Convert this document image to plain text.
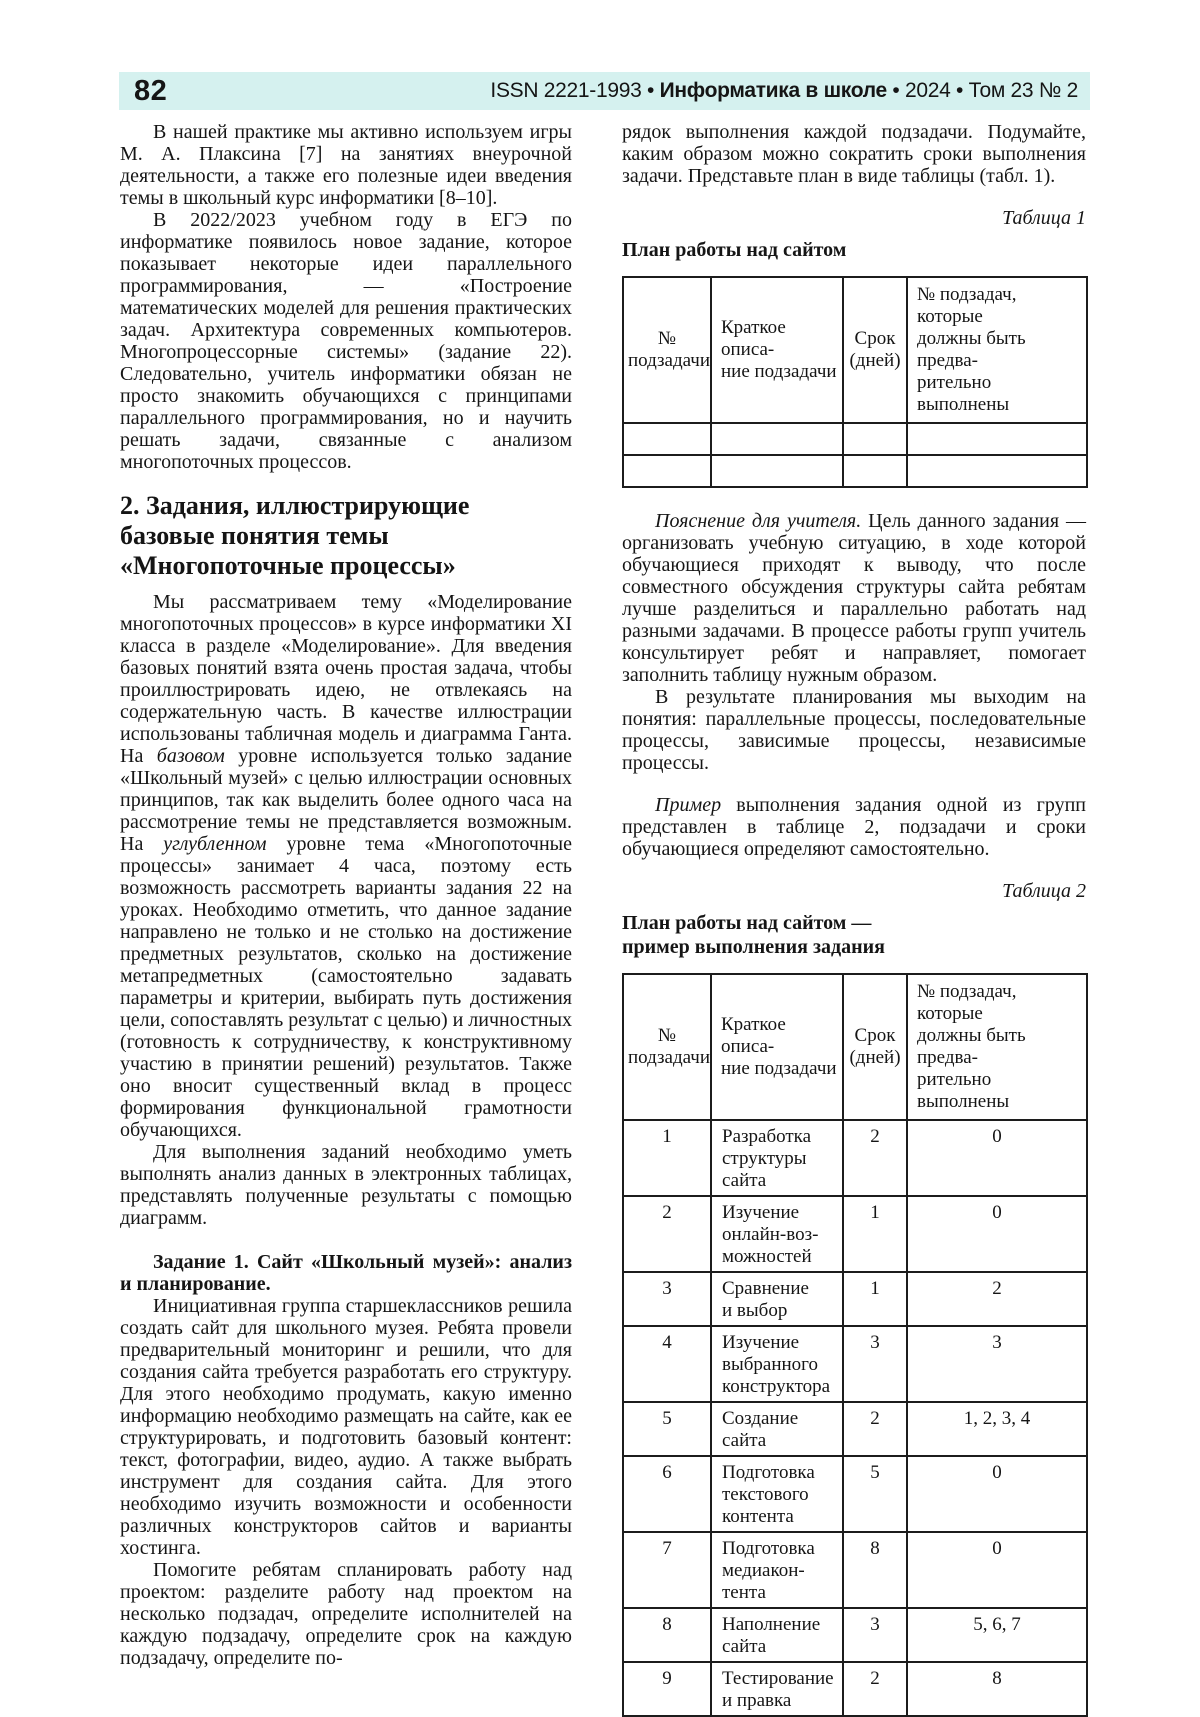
82	ISSN 2221-1993 • Информатика в школе • 2024 • Том 23 № 2

В нашей практике мы активно используем игры М. А. Плаксина [7] на занятиях внеурочной деятельности, а также его полезные идеи введения темы в школьный курс информатики [8–10].

В 2022/2023 учебном году в ЕГЭ по информатике появилось новое задание, которое показывает некоторые идеи параллельного программирования, — «Построение математических моделей для решения практических задач. Архитектура современных компьютеров. Многопроцессорные системы» (задание 22). Следовательно, учитель информатики обязан не просто знакомить обучающихся с принципами параллельного программирования, но и научить решать задачи, связанные с анализом многопоточных процессов.

2. Задания, иллюстрирующие
базовые понятия темы
«Многопоточные процессы»

Мы рассматриваем тему «Моделирование многопоточных процессов» в курсе информатики XI класса в разделе «Моделирование». Для введения базовых понятий взята очень простая задача, чтобы проиллюстрировать идею, не отвлекаясь на содержательную часть. В качестве иллюстрации использованы табличная модель и диаграмма Ганта. На базовом уровне используется только задание «Школьный музей» с целью иллюстрации основных принципов, так как выделить более одного часа на рассмотрение темы не представляется возможным. На углубленном уровне тема «Многопоточные процессы» занимает 4 часа, поэтому есть возможность рассмотреть варианты задания 22 на уроках. Необходимо отметить, что данное задание направлено не только и не столько на достижение предметных результатов, сколько на достижение метапредметных (самостоятельно задавать параметры и критерии, выбирать путь достижения цели, сопоставлять результат с целью) и личностных (готовность к сотрудничеству, к конструктивному участию в принятии решений) результатов. Также оно вносит существенный вклад в процесс формирования функциональной грамотности обучающихся.

Для выполнения заданий необходимо уметь выполнять анализ данных в электронных таблицах, представлять полученные результаты с помощью диаграмм.

Задание 1. Сайт «Школьный музей»: анализ и планирование.

Инициативная группа старшеклассников решила создать сайт для школьного музея. Ребята провели предварительный мониторинг и решили, что для создания сайта требуется разработать его структуру. Для этого необходимо продумать, какую именно информацию необходимо размещать на сайте, как ее структурировать, и подготовить базовый контент: текст, фотографии, видео, аудио. А также выбрать инструмент для создания сайта. Для этого необходимо изучить возможности и особенности различных конструкторов сайтов и варианты хостинга.

Помогите ребятам спланировать работу над проектом: разделите работу над проектом на несколько подзадач, определите исполнителей на каждую подзадачу, определите срок на каждую подзадачу, определите по-

рядок выполнения каждой подзадачи. Подумайте, каким образом можно сократить сроки выполнения задачи. Представьте план в виде таблицы (табл. 1).

Таблица 1
План работы над сайтом
№
подзадачи	Краткое описа-
ние подзадачи	Срок
(дней)	№ подзадач, которые
должны быть предва-
рительно выполнены

Пояснение для учителя. Цель данного задания — организовать учебную ситуацию, в ходе которой обучающиеся приходят к выводу, что после совместного обсуждения структуры сайта ребятам лучше разделиться и параллельно работать над разными задачами. В процессе работы групп учитель консультирует ребят и направляет, помогает заполнить таблицу нужным образом.

В результате планирования мы выходим на понятия: параллельные процессы, последовательные процессы, зависимые процессы, независимые процессы.

Пример выполнения задания одной из групп представлен в таблице 2, подзадачи и сроки обучающиеся определяют самостоятельно.

Таблица 2
План работы над сайтом —
пример выполнения задания
№
подзадачи	Краткое описа-
ние подзадачи	Срок
(дней)	№ подзадач, которые
должны быть предва-
рительно выполнены
1	Разработка
структуры
сайта	2	0
2	Изучение
онлайн-воз-
можностей	1	0
3	Сравнение
и выбор	1	2
4	Изучение
выбранного
конструктора	3	3
5	Создание
сайта	2	1, 2, 3, 4
6	Подготовка
текстового
контента	5	0
7	Подготовка
медиакон-
тента	8	0
8	Наполнение
сайта	3	5, 6, 7
9	Тестирование
и правка	2	8
